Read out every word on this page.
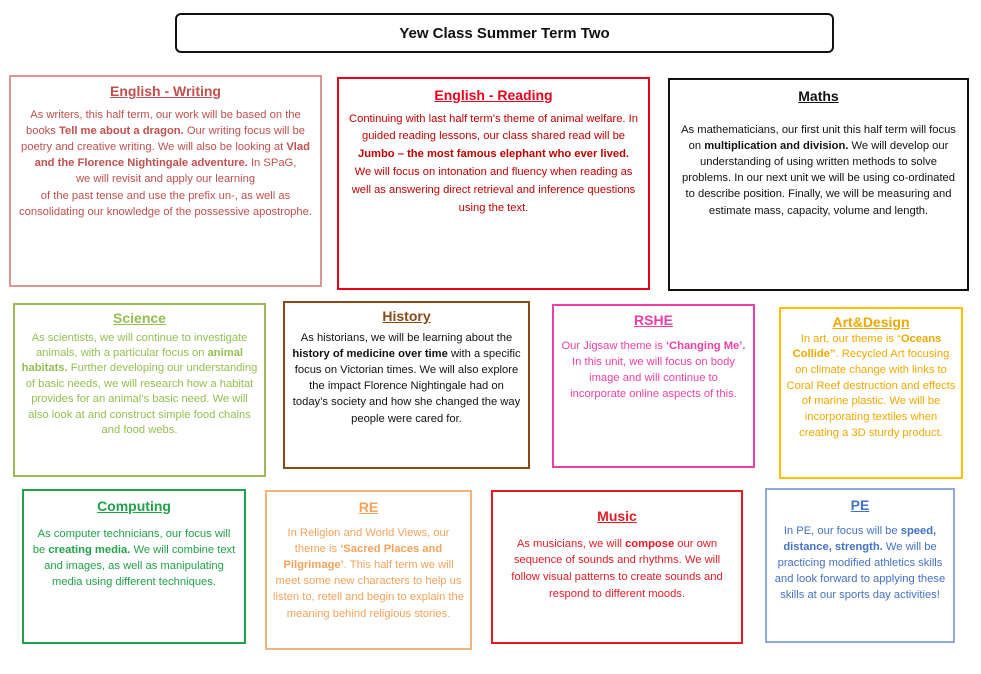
Yew Class Summer Term Two
English - Writing

As writers, this half term, our work will be based on the books Tell me about a dragon. Our writing focus will be poetry and creative writing. We will also be looking at Vlad and the Florence Nightingale adventure. In SPaG,
we will revisit and apply our learning
of the past tense and use the prefix un-, as well as consolidating our knowledge of the possessive apostrophe.

English - Reading

Continuing with last half term’s theme of animal welfare. In guided reading lessons, our class shared read will be Jumbo – the most famous elephant who ever lived.
We will focus on intonation and fluency when reading as well as answering direct retrieval and inference questions using the text.

Maths

As mathematicians, our first unit this half term will focus on multiplication and division. We will develop our understanding of using written methods to solve problems. In our next unit we will be using co-ordinated to describe position. Finally, we will be measuring and estimate mass, capacity, volume and length.

Science

As scientists, we will continue to investigate animals, with a particular focus on animal habitats. Further developing our understanding of basic needs, we will research how a habitat provides for an animal’s basic need. We will also look at and construct simple food chains and food webs.

History

As historians, we will be learning about the history of medicine over time with a specific focus on Victorian times. We will also explore the impact Florence Nightingale had on today’s society and how she changed the way people were cared for.

RSHE

Our Jigsaw theme is ‘Changing Me’. In this unit, we will focus on body image and will continue to incorporate online aspects of this.

Art&Design

In art, our theme is “Oceans Collide”. Recycled Art focusing on climate change with links to Coral Reef destruction and effects of marine plastic. We will be incorporating textiles when creating a 3D sturdy product.

Computing

As computer technicians, our focus will be creating media. We will combine text and images, as well as manipulating media using different techniques.

RE

In Religion and World Views, our theme is ‘Sacred Places and Pilgrimage’. This half term we will meet some new characters to help us listen to, retell and begin to explain the meaning behind religious stories.

Music

As musicians, we will compose our own sequence of sounds and rhythms. We will follow visual patterns to create sounds and respond to different moods.

PE

In PE, our focus will be speed, distance, strength. We will be practicing modified athletics skills and look forward to applying these skills at our sports day activities!
